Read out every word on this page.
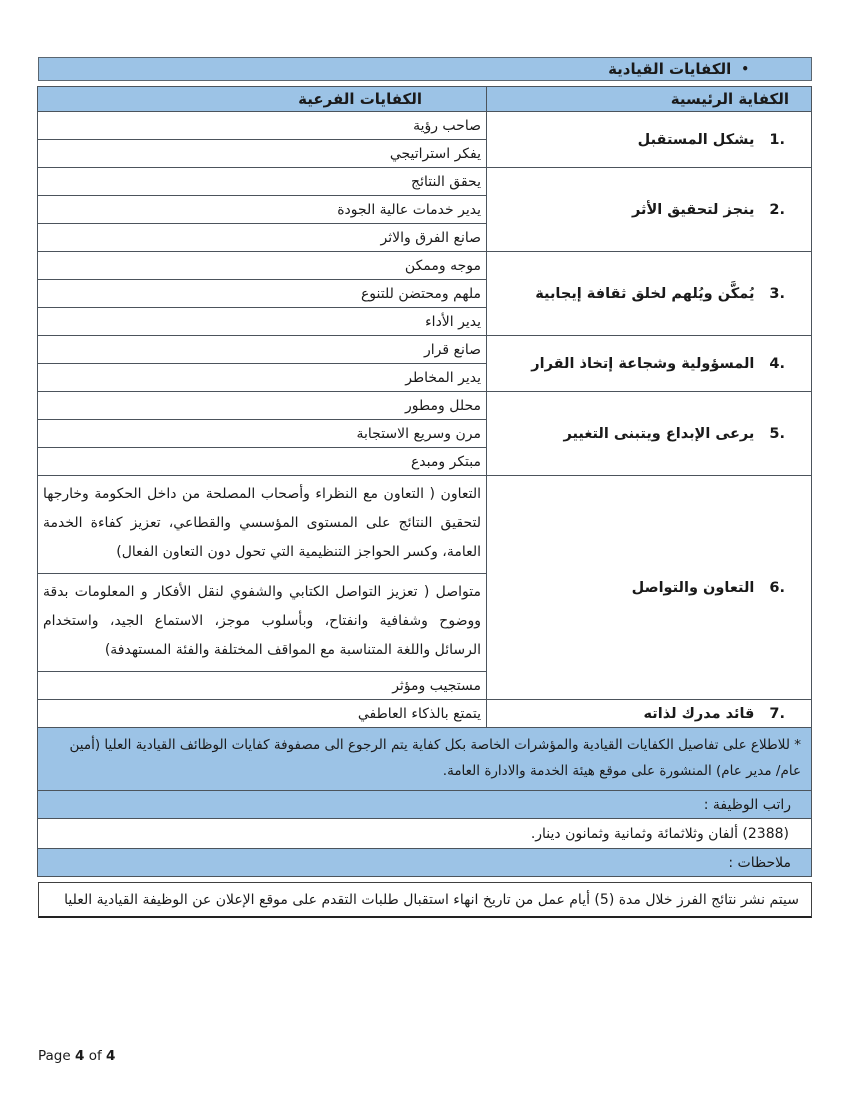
•
الكفايات القيادية
الكفاية الرئيسية	الكفايات الفرعية
1.يشكل المستقبل	صاحب رؤية
	يفكر استراتيجي
2.ينجز لتحقيق الأثر	يحقق النتائج
	يدير خدمات عالية الجودة
	صانع الفرق والاثر
3.يُمكَّن ويُلهم لخلق ثقافة إيجابية	موجه وممكن
	ملهم ومحتضن للتنوع
	يدير الأداء
4.المسؤولية وشجاعة إتخاذ القرار	صانع قرار
	يدير المخاطر
5.يرعى الإبداع ويتبنى التغيير	محلل ومطور
	مرن وسريع الاستجابة
	مبتكر ومبدع
6.التعاون والتواصل	التعاون ( التعاون مع النظراء وأصحاب المصلحة من داخل الحكومة وخارجها لتحقيق النتائج على المستوى المؤسسي والقطاعي، تعزيز كفاءة الخدمة العامة، وكسر الحواجز التنظيمية التي تحول دون التعاون الفعال)
	متواصل ( تعزيز التواصل الكتابي والشفوي لنقل الأفكار و المعلومات بدقة ووضوح وشفافية وانفتاح، وبأسلوب موجز، الاستماع الجيد، واستخدام الرسائل واللغة المتناسبة مع المواقف المختلفة والفئة المستهدفة)
	مستجيب ومؤثر
7.قائد مدرك لذاته	يتمتع بالذكاء العاطفي
* للاطلاع على تفاصيل الكفايات القيادية والمؤشرات الخاصة بكل كفاية يتم الرجوع الى مصفوفة كفايات الوظائف القيادية العليا (أمين عام/ مدير عام) المنشورة على موقع هيئة الخدمة والادارة العامة.	
راتب الوظيفة :	
(2388) ألفان وثلاثمائة وثمانية وثمانون دينار.	
ملاحظات :	
سيتم نشر نتائج الفرز خلال مدة (5) أيام عمل من تاريخ انهاء استقبال طلبات التقدم على موقع الإعلان عن الوظيفة القيادية العليا
Page 4 of 4
